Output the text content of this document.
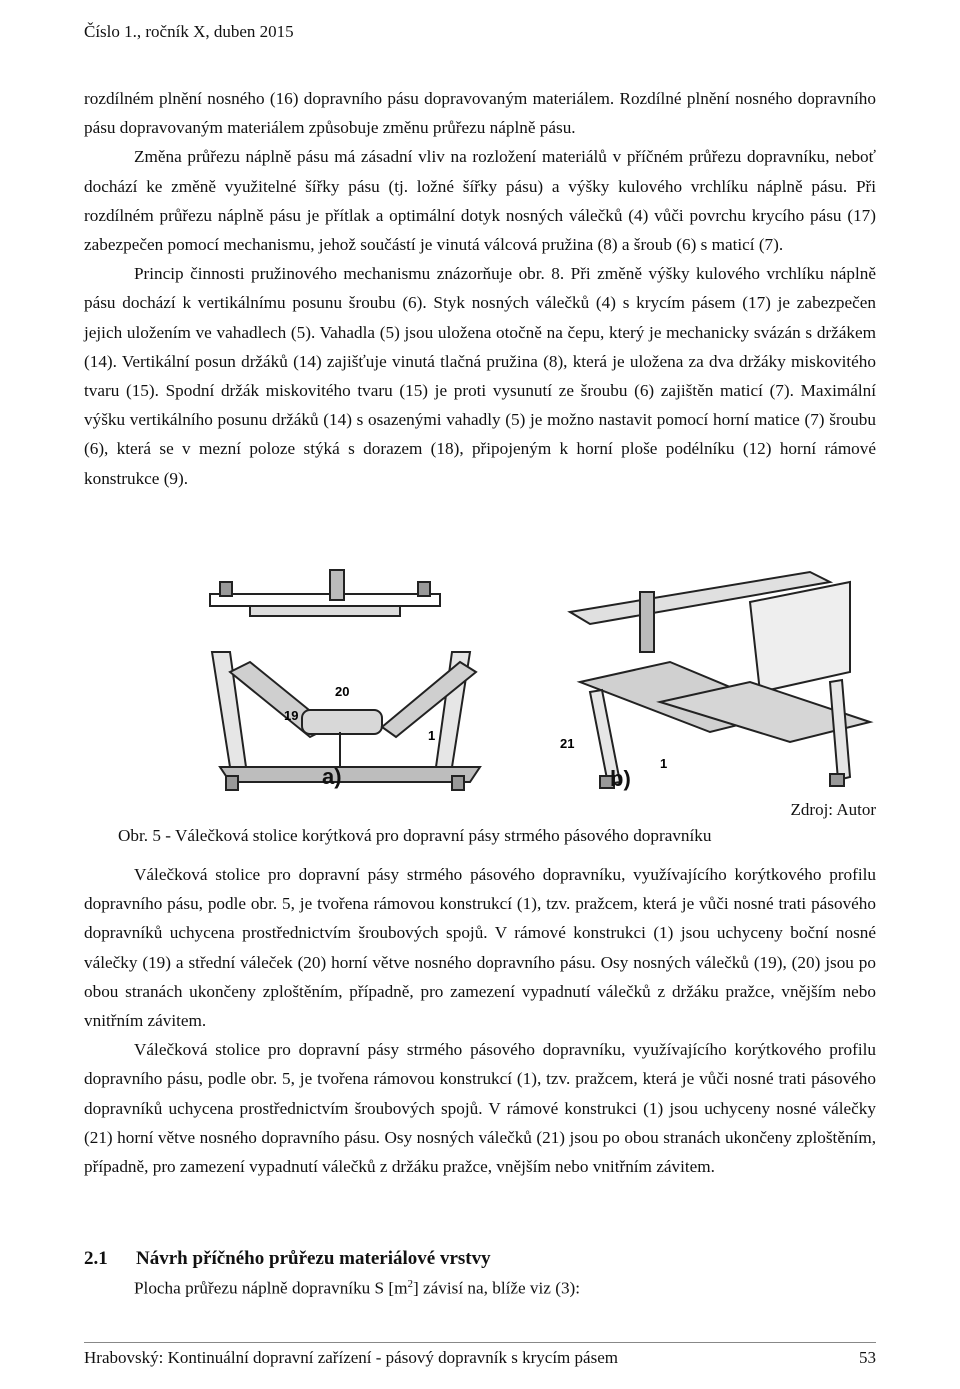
Číslo 1., ročník X, duben 2015

rozdílném plnění nosného (16) dopravního pásu dopravovaným materiálem. Rozdílné plnění nosného dopravního pásu dopravovaným materiálem způsobuje změnu průřezu náplně pásu.

Změna průřezu náplně pásu má zásadní vliv na rozložení materiálů v příčném průřezu dopravníku, neboť dochází ke změně využitelné šířky pásu (tj. ložné šířky pásu) a výšky kulového vrchlíku náplně pásu. Při rozdílném průřezu náplně pásu je přítlak a optimální dotyk nosných válečků (4) vůči povrchu krycího pásu (17) zabezpečen pomocí mechanismu, jehož součástí je vinutá válcová pružina (8) a šroub (6) s maticí (7).

Princip činnosti pružinového mechanismu znázorňuje obr. 8. Při změně výšky kulového vrchlíku náplně pásu dochází k vertikálnímu posunu šroubu (6). Styk nosných válečků (4) s krycím pásem (17) je zabezpečen jejich uložením ve vahadlech (5). Vahadla (5) jsou uložena otočně na čepu, který je mechanicky svázán s držákem (14). Vertikální posun držáků (14) zajišťuje vinutá tlačná pružina (8), která je uložena za dva držáky miskovitého tvaru (15). Spodní držák miskovitého tvaru (15) je proti vysunutí ze šroubu (6) zajištěn maticí (7). Maximální výšku vertikálního posunu držáků (14) s osazenými vahadly (5) je možno nastavit pomocí horní matice (7) šroubu (6), která se v mezní poloze stýká s dorazem (18), připojeným k horní ploše podélníku (12) horní rámové konstrukce (9).

20
19
1
21
1
a)	b)
Zdroj: Autor
Obr. 5 - Válečková stolice korýtková pro dopravní pásy strmého pásového dopravníku

Válečková stolice pro dopravní pásy strmého pásového dopravníku, využívajícího korýtkového profilu dopravního pásu, podle obr. 5, je tvořena rámovou konstrukcí (1), tzv. pražcem, která je vůči nosné trati pásového dopravníků uchycena prostřednictvím šroubových spojů. V rámové konstrukci (1) jsou uchyceny boční nosné válečky (19) a střední váleček (20) horní větve nosného dopravního pásu. Osy nosných válečků (19), (20) jsou po obou stranách ukončeny zploštěním, případně, pro zamezení vypadnutí válečků z držáku pražce, vnějším nebo vnitřním závitem.

Válečková stolice pro dopravní pásy strmého pásového dopravníku, využívajícího korýtkového profilu dopravního pásu, podle obr. 5, je tvořena rámovou konstrukcí (1), tzv. pražcem, která je vůči nosné trati pásového dopravníků uchycena prostřednictvím šroubových spojů. V rámové konstrukci (1) jsou uchyceny nosné válečky (21) horní větve nosného dopravního pásu. Osy nosných válečků (21) jsou po obou stranách ukončeny zploštěním, případně, pro zamezení vypadnutí válečků z držáku pražce, vnějším nebo vnitřním závitem.

2.1 Návrh příčného průřezu materiálové vrstvy
Plocha průřezu náplně dopravníku S $[m^2]$ závisí na, blíže viz (3):
Hrabovský: Kontinuální dopravní zařízení - pásový dopravník s krycím pásem	53
